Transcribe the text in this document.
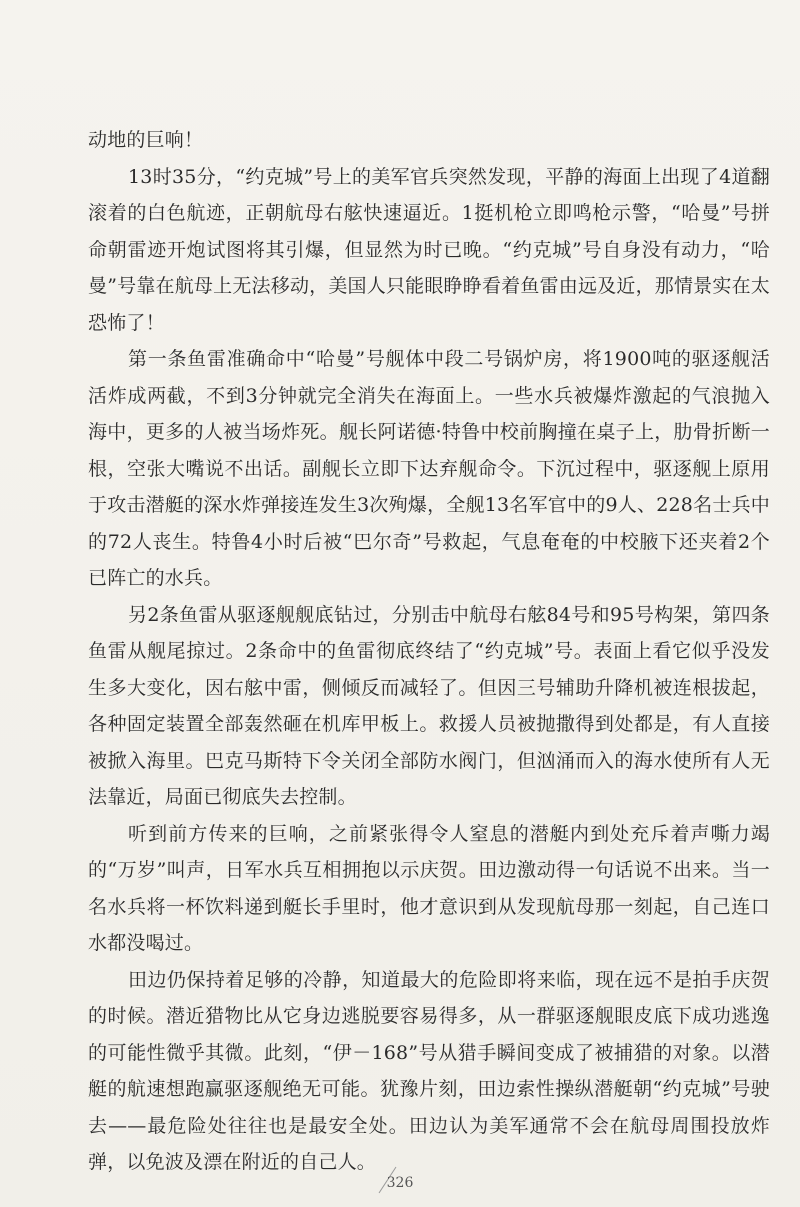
动地的巨响！

13时35分，“约克城”号上的美军官兵突然发现，平静的海面上出现了4道翻滚着的白色航迹，正朝航母右舷快速逼近。1挺机枪立即鸣枪示警，“哈曼”号拼命朝雷迹开炮试图将其引爆，但显然为时已晚。“约克城”号自身没有动力，“哈曼”号靠在航母上无法移动，美国人只能眼睁睁看着鱼雷由远及近，那情景实在太恐怖了！

第一条鱼雷准确命中“哈曼”号舰体中段二号锅炉房，将1900吨的驱逐舰活活炸成两截，不到3分钟就完全消失在海面上。一些水兵被爆炸激起的气浪抛入海中，更多的人被当场炸死。舰长阿诺德·特鲁中校前胸撞在桌子上，肋骨折断一根，空张大嘴说不出话。副舰长立即下达弃舰命令。下沉过程中，驱逐舰上原用于攻击潜艇的深水炸弹接连发生3次殉爆，全舰13名军官中的9人、228名士兵中的72人丧生。特鲁4小时后被“巴尔奇”号救起，气息奄奄的中校腋下还夹着2个已阵亡的水兵。

另2条鱼雷从驱逐舰舰底钻过，分别击中航母右舷84号和95号构架，第四条鱼雷从舰尾掠过。2条命中的鱼雷彻底终结了“约克城”号。表面上看它似乎没发生多大变化，因右舷中雷，侧倾反而减轻了。但因三号辅助升降机被连根拔起，各种固定装置全部轰然砸在机库甲板上。救援人员被抛撒得到处都是，有人直接被掀入海里。巴克马斯特下令关闭全部防水阀门，但汹涌而入的海水使所有人无法靠近，局面已彻底失去控制。

听到前方传来的巨响，之前紧张得令人窒息的潜艇内到处充斥着声嘶力竭的“万岁”叫声，日军水兵互相拥抱以示庆贺。田边激动得一句话说不出来。当一名水兵将一杯饮料递到艇长手里时，他才意识到从发现航母那一刻起，自己连口水都没喝过。

田边仍保持着足够的冷静，知道最大的危险即将来临，现在远不是拍手庆贺的时候。潜近猎物比从它身边逃脱要容易得多，从一群驱逐舰眼皮底下成功逃逸的可能性微乎其微。此刻，“伊－168”号从猎手瞬间变成了被捕猎的对象。以潜艇的航速想跑赢驱逐舰绝无可能。犹豫片刻，田边索性操纵潜艇朝“约克城”号驶去——最危险处往往也是最安全处。田边认为美军通常不会在航母周围投放炸弹，以免波及漂在附近的自己人。

326
